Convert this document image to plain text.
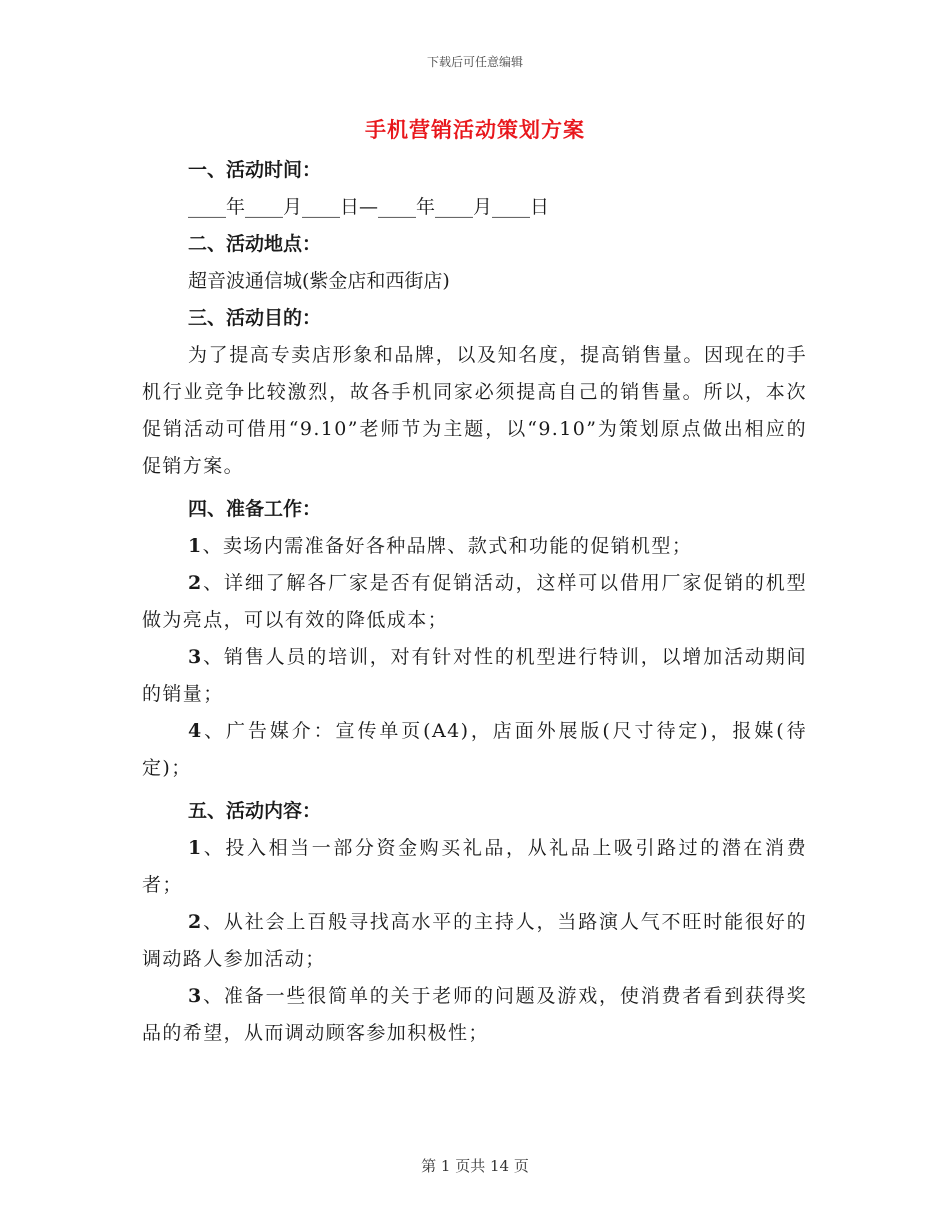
下载后可任意编辑
手机营销活动策划方案

一、活动时间：

____年____月____日—____年____月____日

二、活动地点：

超音波通信城(紫金店和西街店)

三、活动目的：

为了提高专卖店形象和品牌，以及知名度，提高销售量。因现在的手机行业竞争比较激烈，故各手机同家必须提高自己的销售量。所以，本次促销活动可借用“9.10”老师节为主题，以“9.10”为策划原点做出相应的促销方案。

四、准备工作：

1、卖场内需准备好各种品牌、款式和功能的促销机型；

2、详细了解各厂家是否有促销活动，这样可以借用厂家促销的机型做为亮点，可以有效的降低成本；

3、销售人员的培训，对有针对性的机型进行特训，以增加活动期间的销量；

4、广告媒介：宣传单页(A4)，店面外展版(尺寸待定)，报媒(待定)；

五、活动内容：

1、投入相当一部分资金购买礼品，从礼品上吸引路过的潜在消费者；

2、从社会上百般寻找高水平的主持人，当路演人气不旺时能很好的调动路人参加活动；

3、准备一些很简单的关于老师的问题及游戏，使消费者看到获得奖品的希望，从而调动顾客参加积极性；

第 1 页共 14 页
